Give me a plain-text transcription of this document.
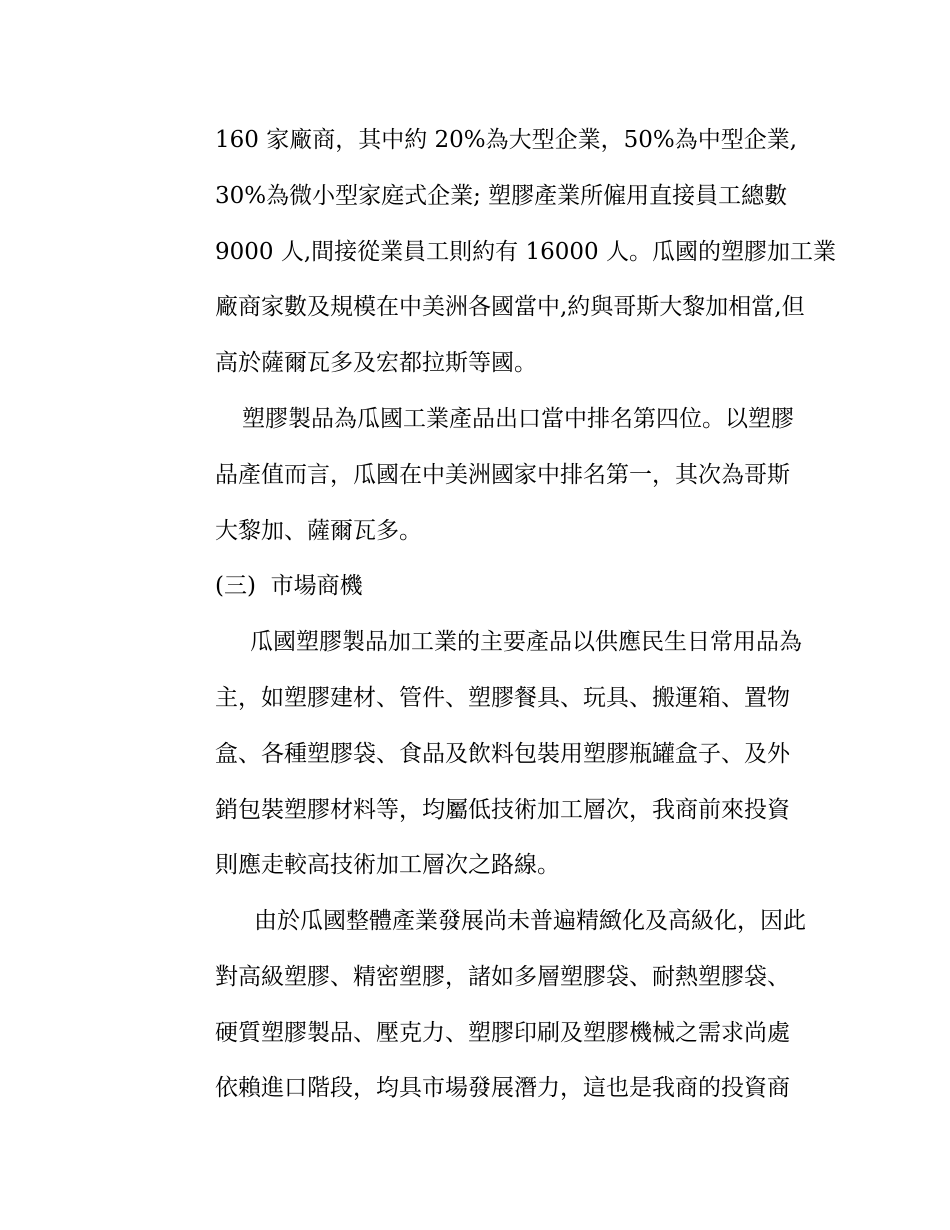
160 家廠商，其中約 20%為大型企業，50%為中型企業,
30%為微小型家庭式企業; 塑膠產業所僱用直接員工總數
9000 人,間接從業員工則約有 16000 人。瓜國的塑膠加工業
廠商家數及規模在中美洲各國當中,約與哥斯大黎加相當,但
高於薩爾瓦多及宏都拉斯等國。
塑膠製品為瓜國工業產品出口當中排名第四位。以塑膠
品產值而言，瓜國在中美洲國家中排名第一，其次為哥斯
大黎加、薩爾瓦多。
(三)  市場商機
瓜國塑膠製品加工業的主要產品以供應民生日常用品為
主，如塑膠建材、管件、塑膠餐具、玩具、搬運箱、置物
盒、各種塑膠袋、食品及飲料包裝用塑膠瓶罐盒子、及外
銷包裝塑膠材料等，均屬低技術加工層次，我商前來投資
則應走較高技術加工層次之路線。
由於瓜國整體產業發展尚未普遍精緻化及高級化，因此
對高級塑膠、精密塑膠，諸如多層塑膠袋、耐熱塑膠袋、
硬質塑膠製品、壓克力、塑膠印刷及塑膠機械之需求尚處
依賴進口階段，均具市場發展潛力，這也是我商的投資商
